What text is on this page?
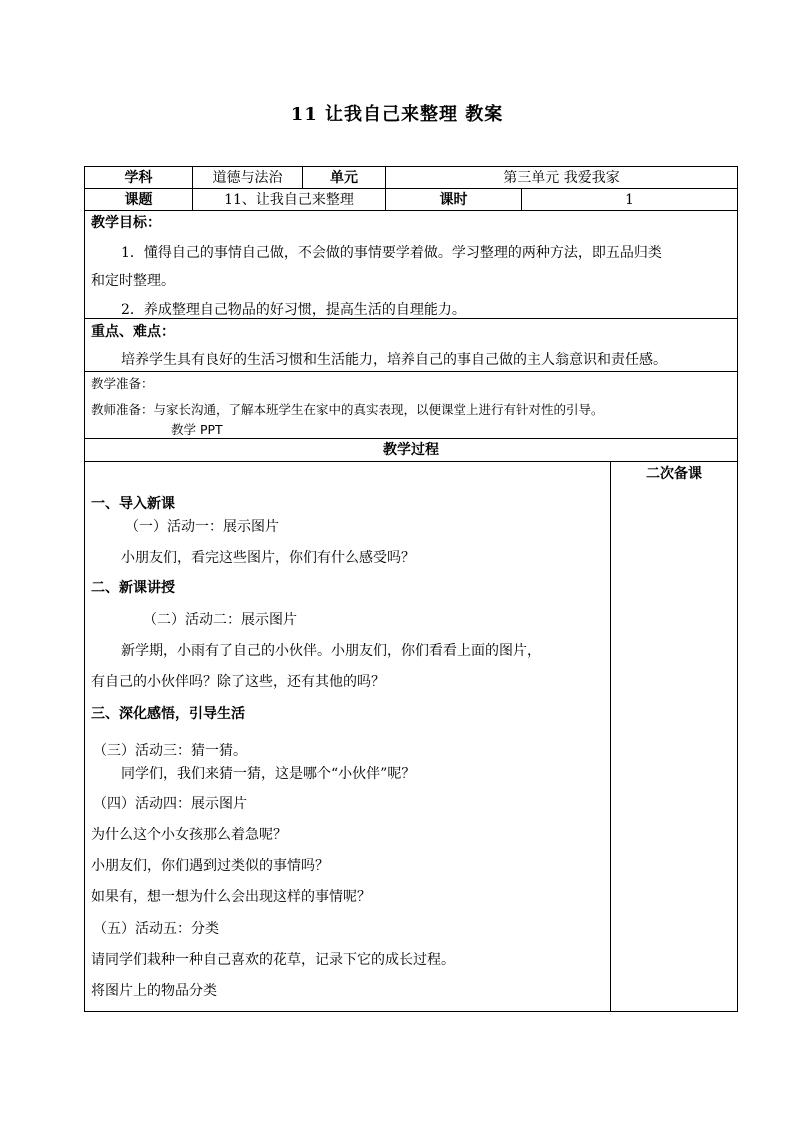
11 让我自己来整理 教案
学科	道德与法治	单元	第三单元 我爱我家
课题	11、让我自己来整理	课时	1
教学目标：
1．懂得自己的事情自己做，不会做的事情要学着做。学习整理的两种方法，即五品归类
和定时整理。
2．养成整理自己物品的好习惯，提高生活的自理能力。
重点、难点：
培养学生具有良好的生活习惯和生活能力，培养自己的事自己做的主人翁意识和责任感。
教学准备：
教师准备：与家长沟通，了解本班学生在家中的真实表现，以便课堂上进行有针对性的引导。
教学 PPT
教学过程
二次备课
一、导入新课
（一）活动一：展示图片
小朋友们，看完这些图片，你们有什么感受吗？
二、新课讲授
（二）活动二：展示图片
新学期，小雨有了自己的小伙伴。小朋友们，你们看看上面的图片，
有自己的小伙伴吗？除了这些，还有其他的吗？
三、深化感悟，引导生活
（三）活动三：猜一猜。
同学们，我们来猜一猜，这是哪个“小伙伴”呢？
（四）活动四：展示图片
为什么这个小女孩那么着急呢？
小朋友们，你们遇到过类似的事情吗？
如果有，想一想为什么会出现这样的事情呢？
（五）活动五：分类
请同学们栽种一种自己喜欢的花草，记录下它的成长过程。
将图片上的物品分类
